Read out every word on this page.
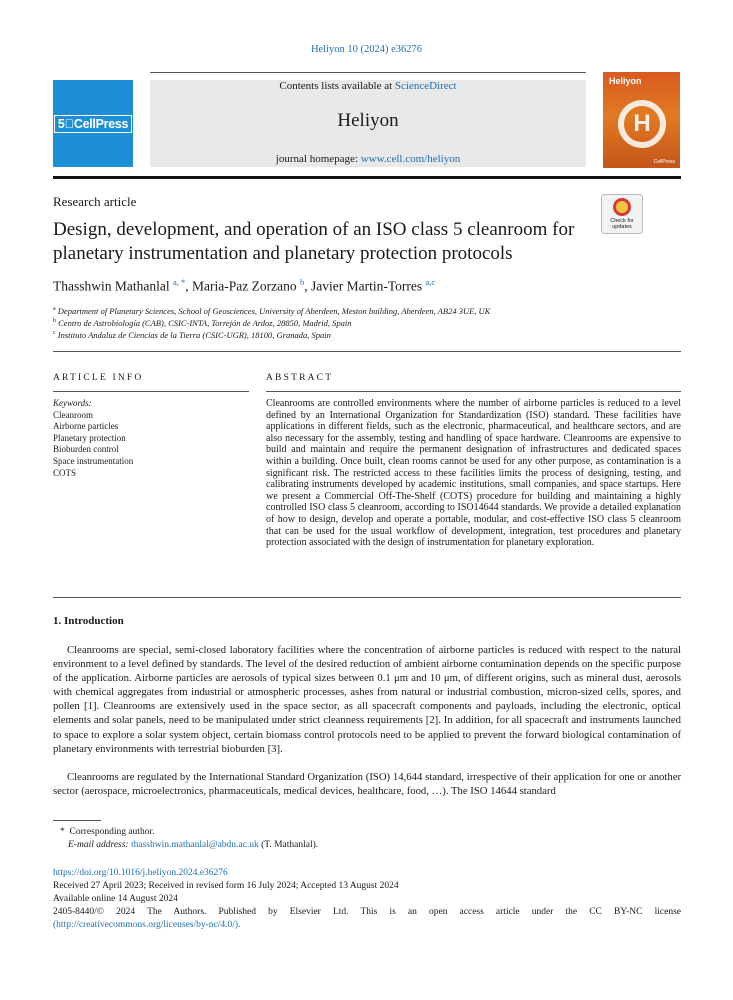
Heliyon 10 (2024) e36276
5⃝CellPress
Contents lists available at ScienceDirect
Heliyon
journal homepage: www.cell.com/heliyon
Heliyon
H
CellPress
Research article
Design, development, and operation of an ISO class 5 cleanroom for planetary instrumentation and planetary protection protocols
Check for updates
Thasshwin Mathanlal $^{a, *}$, Maria-Paz Zorzano $^b$, Javier Martin-Torres $^{a,c}$
$^a$ Department of Planetary Sciences, School of Geosciences, University of Aberdeen, Meston building, Aberdeen, AB24 3UE, UK
$^b$ Centro de Astrobiología (CAB), CSIC-INTA, Torrejón de Ardoz, 28850, Madrid, Spain
$^c$ Instituto Andaluz de Ciencias de la Tierra (CSIC-UGR), 18100, Granada, Spain
ARTICLE INFO	ABSTRACT
Keywords:
Cleanroom
Airborne particles
Planetary protection
Bioburden control
Space instrumentation
COTS

Cleanrooms are controlled environments where the number of airborne particles is reduced to a level defined by an International Organization for Standardization (ISO) standard. These facilities have applications in different fields, such as the electronic, pharmaceutical, and healthcare sectors, and are also necessary for the assembly, testing and handling of space hardware. Cleanrooms are expensive to build and maintain and require the permanent designation of infrastructures and dedicated spaces within a building. Once built, clean rooms cannot be used for any other purpose, as contamination is a significant risk. The restricted access to these facilities limits the process of designing, testing, and calibrating instruments developed by academic institutions, small companies, and space startups. Here we present a Commercial Off-The-Shelf (COTS) procedure for building and maintaining a highly controlled ISO class 5 cleanroom, according to ISO14644 standards. We provide a detailed explanation of how to design, develop and operate a portable, modular, and cost-effective ISO class 5 cleanroom that can be used for the usual workflow of development, integration, test procedures and planetary protection associated with the design of instrumentation for planetary exploration.

1. Introduction

Cleanrooms are special, semi-closed laboratory facilities where the concentration of airborne particles is reduced with respect to the natural environment to a level defined by standards. The level of the desired reduction of ambient airborne contamination depends on the specific purpose of the application. Airborne particles are aerosols of typical sizes between 0.1 μm and 10 μm, of different origins, such as mineral dust, aerosols with chemical aggregates from industrial or atmospheric processes, ashes from natural or industrial combustion, micron-sized cells, spores, and pollen [1]. Cleanrooms are extensively used in the space sector, as all spacecraft components and payloads, including the electronic, optical elements and solar panels, need to be manipulated under strict cleanness requirements [2]. In addition, for all spacecraft and instruments launched to space to explore a solar system object, certain biomass control protocols need to be applied to prevent the forward biological contamination of planetary environments with terrestrial bioburden [3].

Cleanrooms are regulated by the International Standard Organization (ISO) 14,644 standard, irrespective of their application for one or another sector (aerospace, microelectronics, pharmaceuticals, medical devices, healthcare, food, …). The ISO 14644 standard

* Corresponding author.
E-mail address: thasshwin.mathanlal@abdn.ac.uk (T. Mathanlal).
https://doi.org/10.1016/j.heliyon.2024.e36276
Received 27 April 2023; Received in revised form 16 July 2024; Accepted 13 August 2024
Available online 14 August 2024
2405-8440/© 2024 The Authors. Published by Elsevier Ltd. This is an open access article under the CC BY-NC license
(http://creativecommons.org/licenses/by-nc/4.0/).
